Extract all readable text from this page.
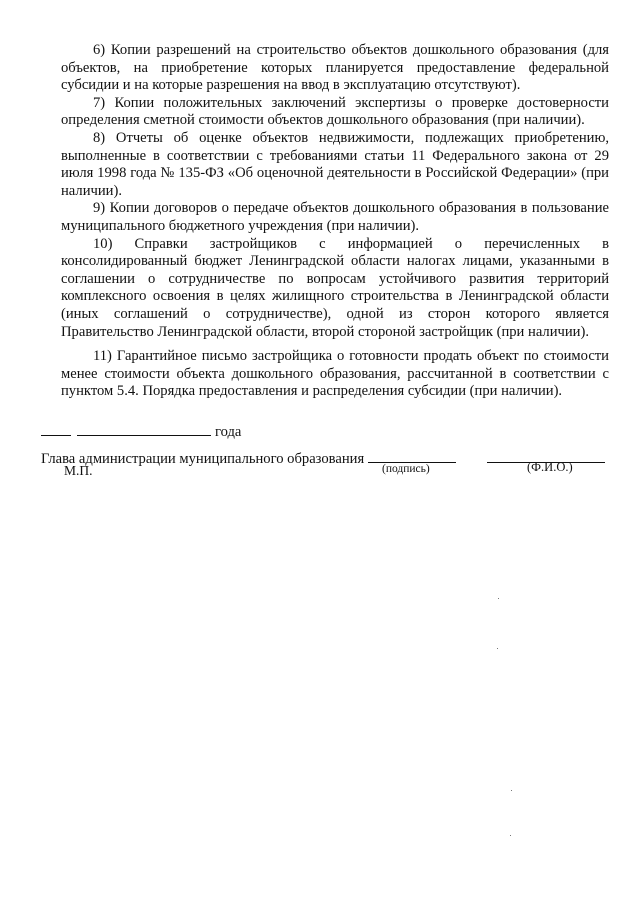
6) Копии разрешений на строительство объектов дошкольного образования (для объектов, на приобретение которых планируется предоставление федеральной субсидии и на которые разрешения на ввод в эксплуатацию отсутствуют).

7) Копии положительных заключений экспертизы о проверке достоверности определения сметной стоимости объектов дошкольного образования (при наличии).

8) Отчеты об оценке объектов недвижимости, подлежащих приобретению, выполненные в соответствии с требованиями статьи 11 Федерального закона от 29 июля 1998 года № 135-ФЗ «Об оценочной деятельности в Российской Федерации» (при наличии).

9) Копии договоров о передаче объектов дошкольного образования в пользование муниципального бюджетного учреждения (при наличии).

10) Справки застройщиков с информацией о перечисленных в консолидированный бюджет Ленинградской области налогах лицами, указанными в соглашении о сотрудничестве по вопросам устойчивого развития территорий комплексного освоения в целях жилищного строительства в Ленинградской области (иных соглашений о сотрудничестве), одной из сторон которого является Правительство Ленинградской области, второй стороной застройщик (при наличии).

11) Гарантийное письмо застройщика о готовности продать объект по стоимости менее стоимости объекта дошкольного образования, рассчитанной в соответствии с пунктом 5.4. Порядка предоставления и распределения субсидии (при наличии).

года
Глава администрации муниципального образования
М.П.	(подпись)	(Ф.И.О.)
